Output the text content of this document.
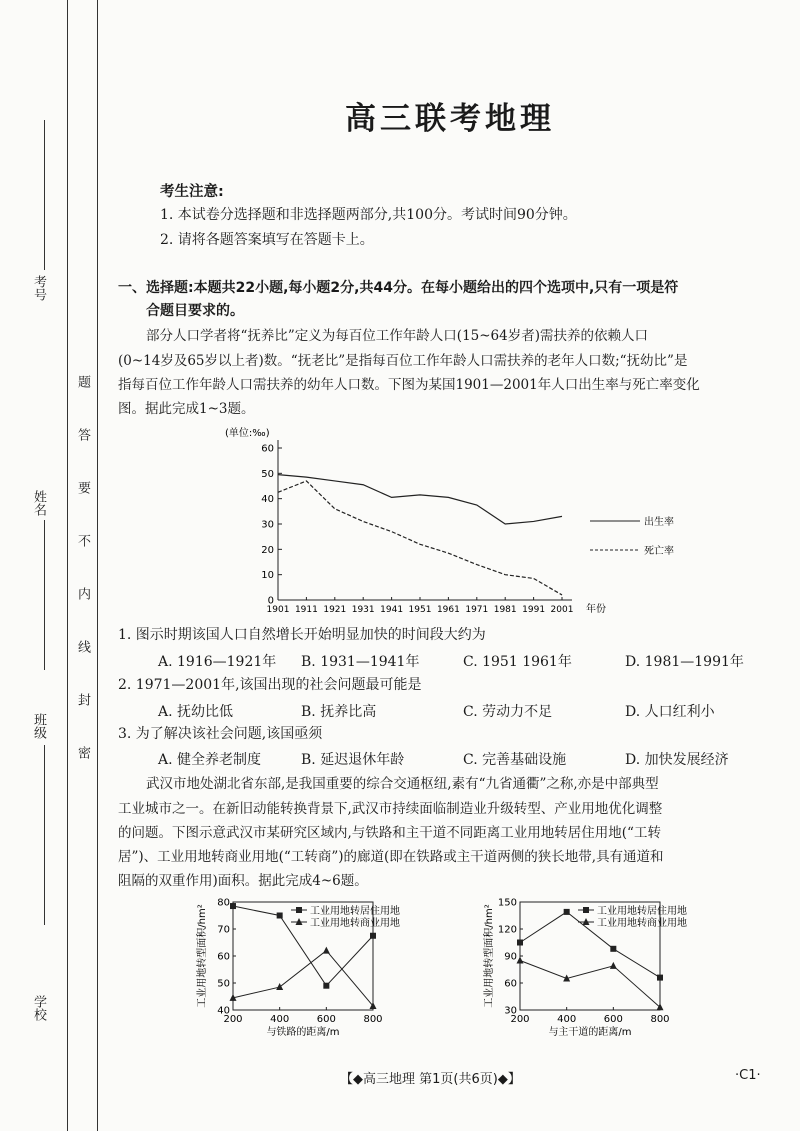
考号
姓名
班级
学校
题
答
要
不
内
线
封
密
高三联考地理
考生注意:
1. 本试卷分选择题和非选择题两部分,共100分。考试时间90分钟。
2. 请将各题答案填写在答题卡上。
一、选择题:本题共22小题,每小题2分,共44分。在每小题给出的四个选项中,只有一项是符
合题目要求的。
部分人口学者将“抚养比”定义为每百位工作年龄人口(15~64岁者)需扶养的依赖人口
(0~14岁及65岁以上者)数。“抚老比”是指每百位工作年龄人口需扶养的老年人口数;“抚幼比”是
指每百位工作年龄人口需扶养的幼年人口数。下图为某国1901—2001年人口出生率与死亡率变化
图。据此完成1~3题。
(单位:‰)
0
10
20
30
40
50
60
1901 1911 1921 1931 1941 1951 1961 1971 1981 1991 2001 年份
出生率
死亡率
1. 图示时期该国人口自然增长开始明显加快的时间段大约为
A. 1916—1921年 B. 1931—1941年	C. 1951 1961年	D. 1981—1991年
2. 1971—2001年,该国出现的社会问题最可能是
A. 抚幼比低	B. 抚养比高	C. 劳动力不足	D. 人口红利小
3. 为了解决该社会问题,该国亟须
A. 健全养老制度	B. 延迟退休年龄	C. 完善基础设施	D. 加快发展经济
武汉市地处湖北省东部,是我国重要的综合交通枢纽,素有“九省通衢”之称,亦是中部典型
工业城市之一。在新旧动能转换背景下,武汉市持续面临制造业升级转型、产业用地优化调整
的问题。下图示意武汉市某研究区域内,与铁路和主干道不同距离工业用地转居住用地(“工转
居”)、工业用地转商业用地(“工转商”)的廊道(即在铁路或主干道两侧的狭长地带,具有通道和
阻隔的双重作用)面积。据此完成4~6题。
40
50
60
70
80
200	400	600	800
与铁路的距离/m
工业用地转型面积/hm²	工业用地转居住用地
工业用地转商业用地
30
60
90
120
150
200	400	600	800
与主干道的距离/m
工业用地转型面积/hm²	工业用地转居住用地
工业用地转商业用地
【◆高三地理 第1页(共6页)◆】	·C1·
